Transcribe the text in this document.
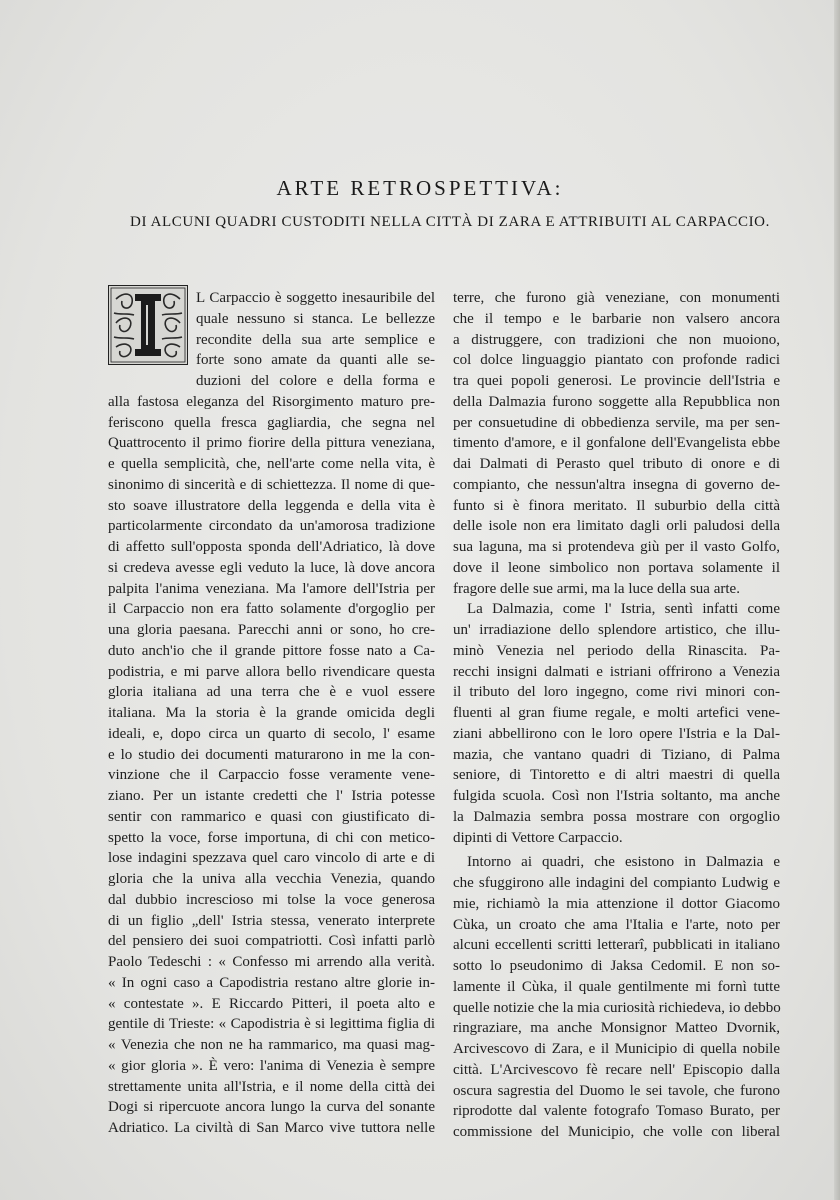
ARTE RETROSPETTIVA:
DI ALCUNI QUADRI CUSTODITI NELLA CITTÀ DI ZARA E ATTRIBUITI AL CARPACCIO.
L Carpaccio è soggetto inesauribile del
quale nessuno si stanca. Le bellezze
recondite della sua arte semplice e
forte sono amate da quanti alle se-
duzioni del colore e della forma e
alla fastosa eleganza del Risorgimento maturo pre-
feriscono quella fresca gagliardia, che segna nel
Quattrocento il primo fiorire della pittura veneziana,
e quella semplicità, che, nell'arte come nella vita, è
sinonimo di sincerità e di schiettezza. Il nome di que-
sto soave illustratore della leggenda e della vita è
particolarmente circondato da un'amorosa tradizione
di affetto sull'opposta sponda dell'Adriatico, là dove
si credeva avesse egli veduto la luce, là dove ancora
palpita l'anima veneziana. Ma l'amore dell'Istria per
il Carpaccio non era fatto solamente d'orgoglio per
una gloria paesana. Parecchi anni or sono, ho cre-
duto anch'io che il grande pittore fosse nato a Ca-
podistria, e mi parve allora bello rivendicare questa
gloria italiana ad una terra che è e vuol essere
italiana. Ma la storia è la grande omicida degli
ideali, e, dopo circa un quarto di secolo, l' esame
e lo studio dei documenti maturarono in me la con-
vinzione che il Carpaccio fosse veramente vene-
ziano. Per un istante credetti che l' Istria potesse
sentir con rammarico e quasi con giustificato di-
spetto la voce, forse importuna, di chi con metico-
lose indagini spezzava quel caro vincolo di arte e di
gloria che la univa alla vecchia Venezia, quando
dal dubbio increscioso mi tolse la voce generosa
di un figlio „dell' Istria stessa, venerato interprete
del pensiero dei suoi compatriotti. Così infatti parlò
Paolo Tedeschi : « Confesso mi arrendo alla verità.
« In ogni caso a Capodistria restano altre glorie in-
« contestate ». E Riccardo Pitteri, il poeta alto e
gentile di Trieste: « Capodistria è si legittima figlia di
« Venezia che non ne ha rammarico, ma quasi mag-
« gior gloria ». È vero: l'anima di Venezia è sempre
strettamente unita all'Istria, e il nome della città dei
Dogi si ripercuote ancora lungo la curva del sonante
Adriatico. La civiltà di San Marco vive tuttora nelle
terre, che furono già veneziane, con monumenti
che il tempo e le barbarie non valsero ancora
a distruggere, con tradizioni che non muoiono,
col dolce linguaggio piantato con profonde radici
tra quei popoli generosi. Le provincie dell'Istria e
della Dalmazia furono soggette alla Repubblica non
per consuetudine di obbedienza servile, ma per sen-
timento d'amore, e il gonfalone dell'Evangelista ebbe
dai Dalmati di Perasto quel tributo di onore e di
compianto, che nessun'altra insegna di governo de-
funto si è finora meritato. Il suburbio della città
delle isole non era limitato dagli orli paludosi della
sua laguna, ma si protendeva giù per il vasto Golfo,
dove il leone simbolico non portava solamente il
fragore delle sue armi, ma la luce della sua arte.
La Dalmazia, come l' Istria, sentì infatti come
un' irradiazione dello splendore artistico, che illu-
minò Venezia nel periodo della Rinascita. Pa-
recchi insigni dalmati e istriani offrirono a Venezia
il tributo del loro ingegno, come rivi minori con-
fluenti al gran fiume regale, e molti artefici vene-
ziani abbellirono con le loro opere l'Istria e la Dal-
mazia, che vantano quadri di Tiziano, di Palma
seniore, di Tintoretto e di altri maestri di quella
fulgida scuola. Così non l'Istria soltanto, ma anche
la Dalmazia sembra possa mostrare con orgoglio
dipinti di Vettore Carpaccio.
Intorno ai quadri, che esistono in Dalmazia e
che sfuggirono alle indagini del compianto Ludwig e
mie, richiamò la mia attenzione il dottor Giacomo
Cùka, un croato che ama l'Italia e l'arte, noto per
alcuni eccellenti scritti letterarî, pubblicati in italiano
sotto lo pseudonimo di Jaksa Cedomil. E non so-
lamente il Cùka, il quale gentilmente mi fornì tutte
quelle notizie che la mia curiosità richiedeva, io debbo
ringraziare, ma anche Monsignor Matteo Dvornik,
Arcivescovo di Zara, e il Municipio di quella nobile
città. L'Arcivescovo fè recare nell' Episcopio dalla
oscura sagrestia del Duomo le sei tavole, che furono
riprodotte dal valente fotografo Tomaso Burato, per
commissione del Municipio, che volle con liberal
